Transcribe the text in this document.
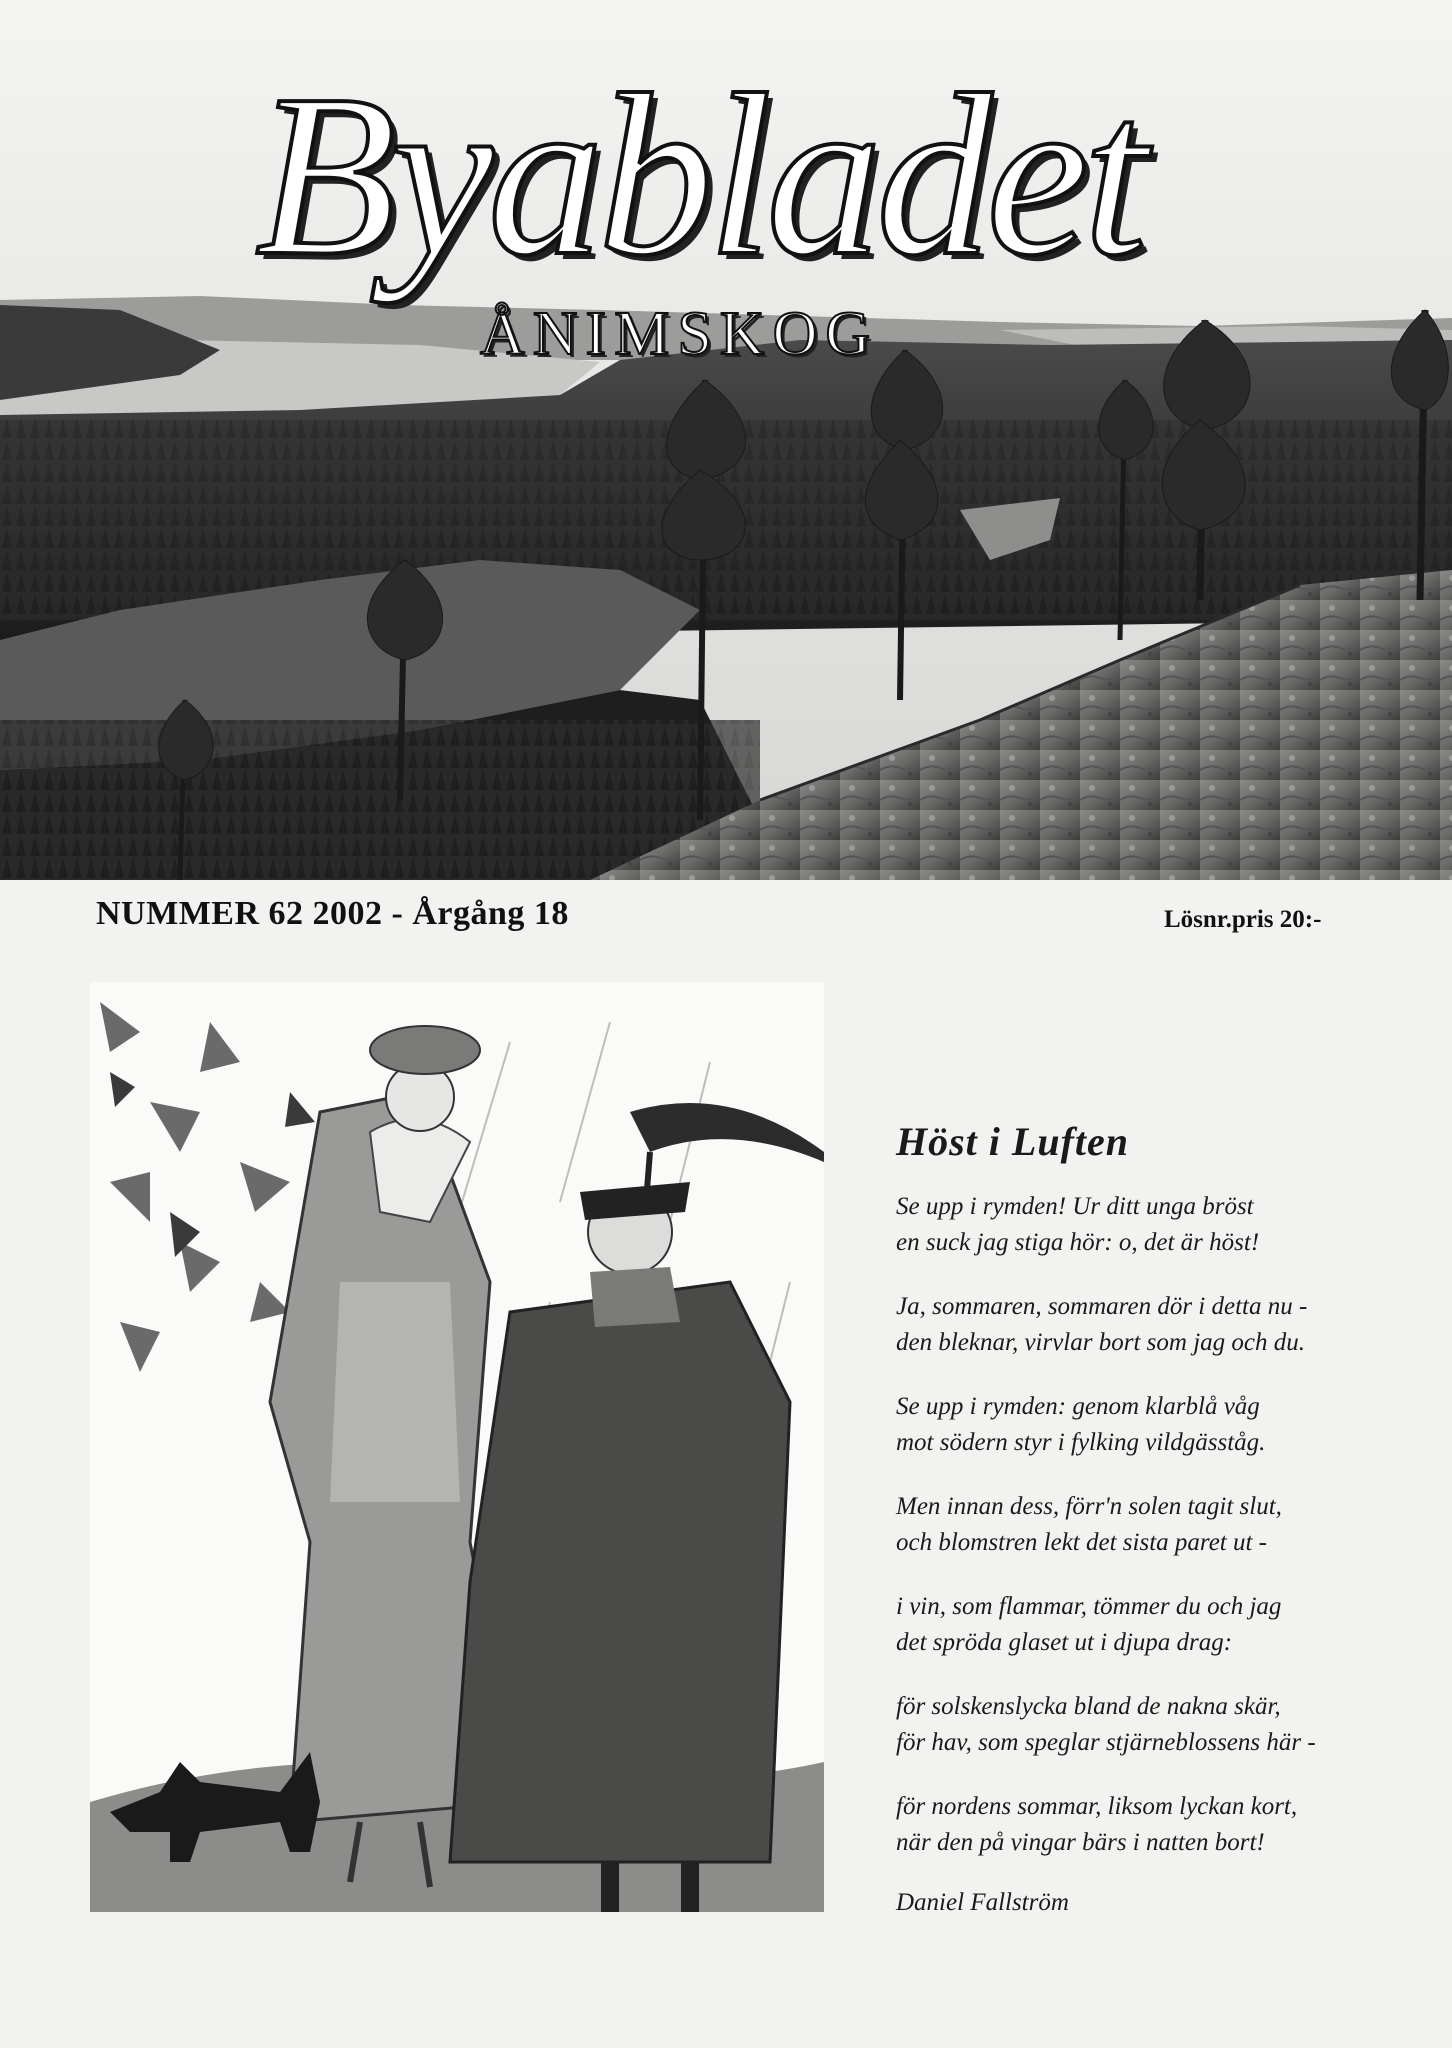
Byabladet
ÅNIMSKOG
NUMMER 62 2002 - Årgång 18	Lösnr.pris 20:-
Höst i Luften
Se upp i rymden! Ur ditt unga bröst
en suck jag stiga hör: o, det är höst!
Ja, sommaren, sommaren dör i detta nu -
den bleknar, virvlar bort som jag och du.
Se upp i rymden: genom klarblå våg
mot södern styr i fylking vildgäsståg.
Men innan dess, förr'n solen tagit slut,
och blomstren lekt det sista paret ut -
i vin, som flammar, tömmer du och jag
det spröda glaset ut i djupa drag:
för solskenslycka bland de nakna skär,
för hav, som speglar stjärneblossens här -
för nordens sommar, liksom lyckan kort,
när den på vingar bärs i natten bort!
Daniel Fallström
